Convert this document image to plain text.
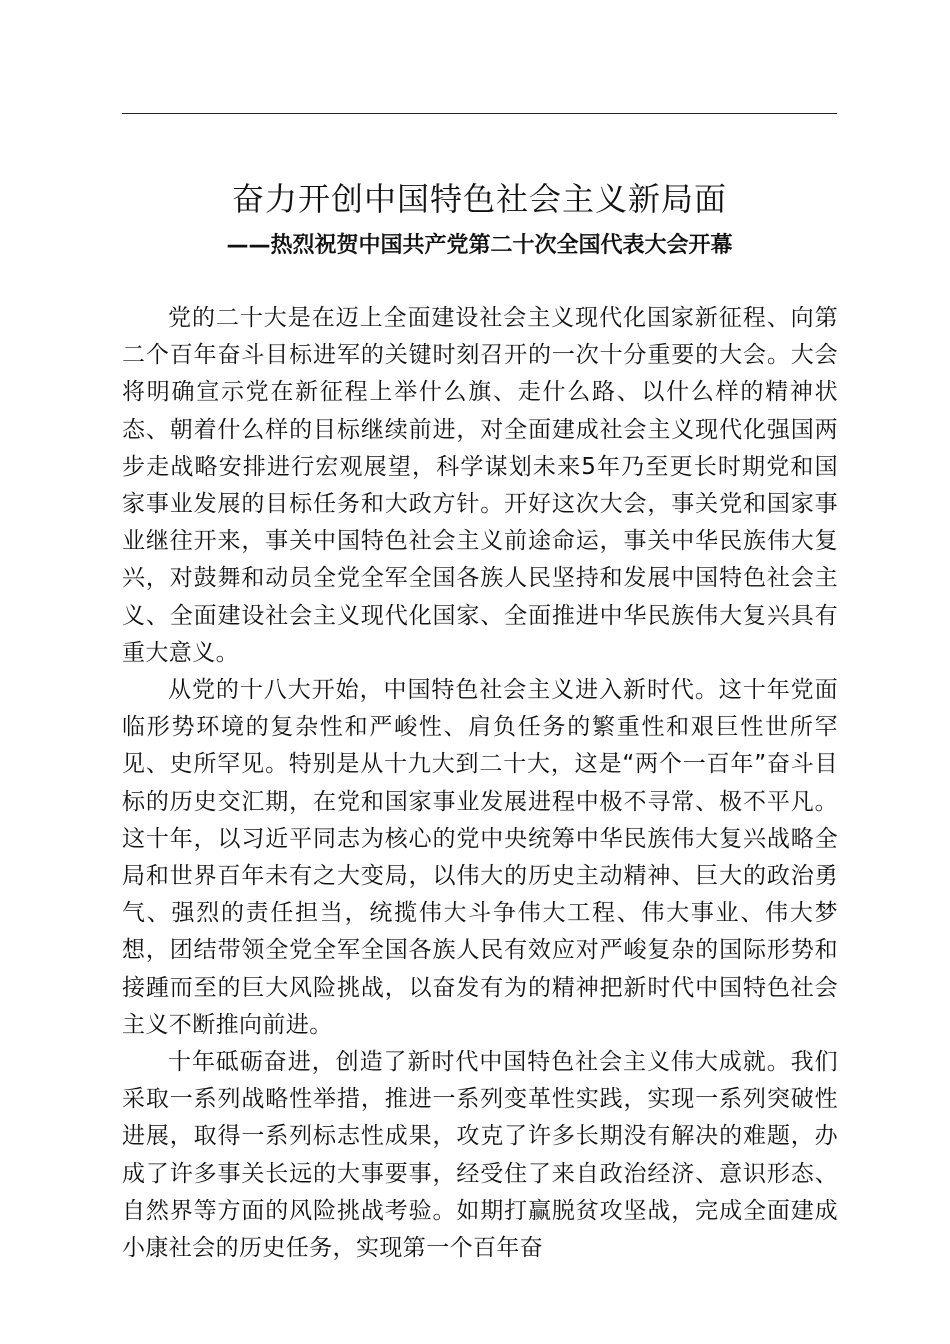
奋力开创中国特色社会主义新局面
——热烈祝贺中国共产党第二十次全国代表大会开幕

党的二十大是在迈上全面建设社会主义现代化国家新征程、向第二个百年奋斗目标进军的关键时刻召开的一次十分重要的大会。大会将明确宣示党在新征程上举什么旗、走什么路、以什么样的精神状态、朝着什么样的目标继续前进，对全面建成社会主义现代化强国两步走战略安排进行宏观展望，科学谋划未来5年乃至更长时期党和国家事业发展的目标任务和大政方针。开好这次大会，事关党和国家事业继往开来，事关中国特色社会主义前途命运，事关中华民族伟大复兴，对鼓舞和动员全党全军全国各族人民坚持和发展中国特色社会主义、全面建设社会主义现代化国家、全面推进中华民族伟大复兴具有重大意义。

从党的十八大开始，中国特色社会主义进入新时代。这十年党面临形势环境的复杂性和严峻性、肩负任务的繁重性和艰巨性世所罕见、史所罕见。特别是从十九大到二十大，这是“两个一百年”奋斗目标的历史交汇期，在党和国家事业发展进程中极不寻常、极不平凡。这十年，以习近平同志为核心的党中央统筹中华民族伟大复兴战略全局和世界百年未有之大变局，以伟大的历史主动精神、巨大的政治勇气、强烈的责任担当，统揽伟大斗争伟大工程、伟大事业、伟大梦想，团结带领全党全军全国各族人民有效应对严峻复杂的国际形势和接踵而至的巨大风险挑战，以奋发有为的精神把新时代中国特色社会主义不断推向前进。

十年砥砺奋进，创造了新时代中国特色社会主义伟大成就。我们采取一系列战略性举措，推进一系列变革性实践，实现一系列突破性进展，取得一系列标志性成果，攻克了许多长期没有解决的难题，办成了许多事关长远的大事要事，经受住了来自政治经济、意识形态、自然界等方面的风险挑战考验。如期打赢脱贫攻坚战，完成全面建成小康社会的历史任务，实现第一个百年奋
